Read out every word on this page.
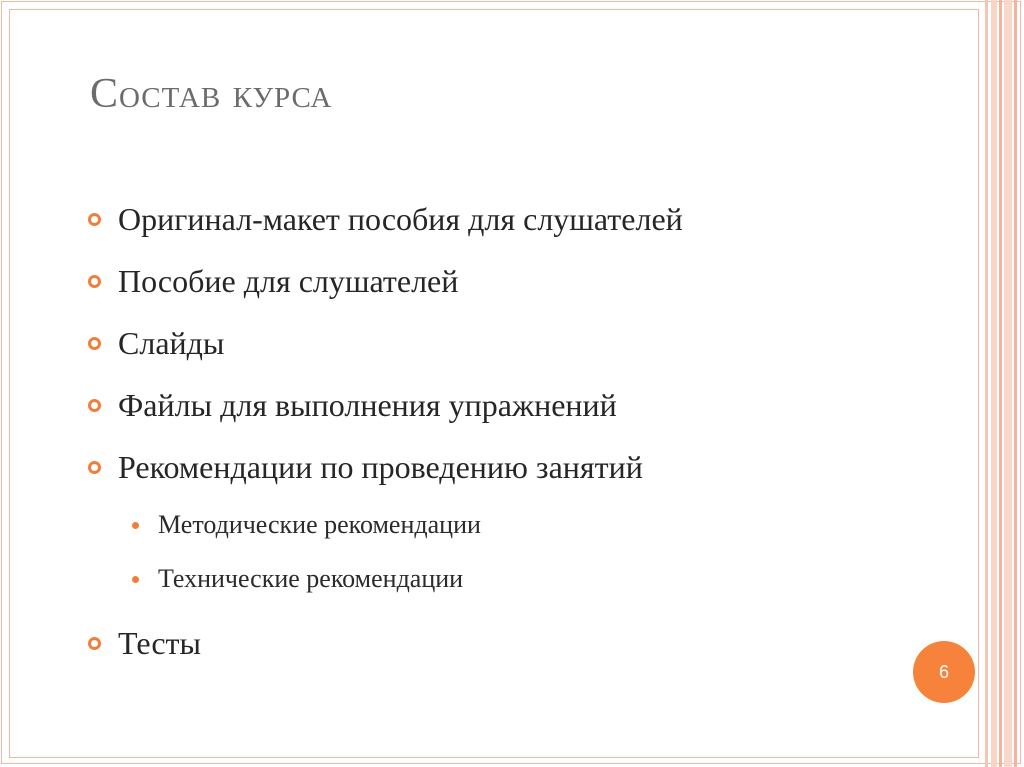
Состав курса
Оригинал-макет пособия для слушателей
Пособие для слушателей
Слайды
Файлы для выполнения упражнений
Рекомендации по проведению занятий
Методические рекомендации
Технические рекомендации
Тесты
6
